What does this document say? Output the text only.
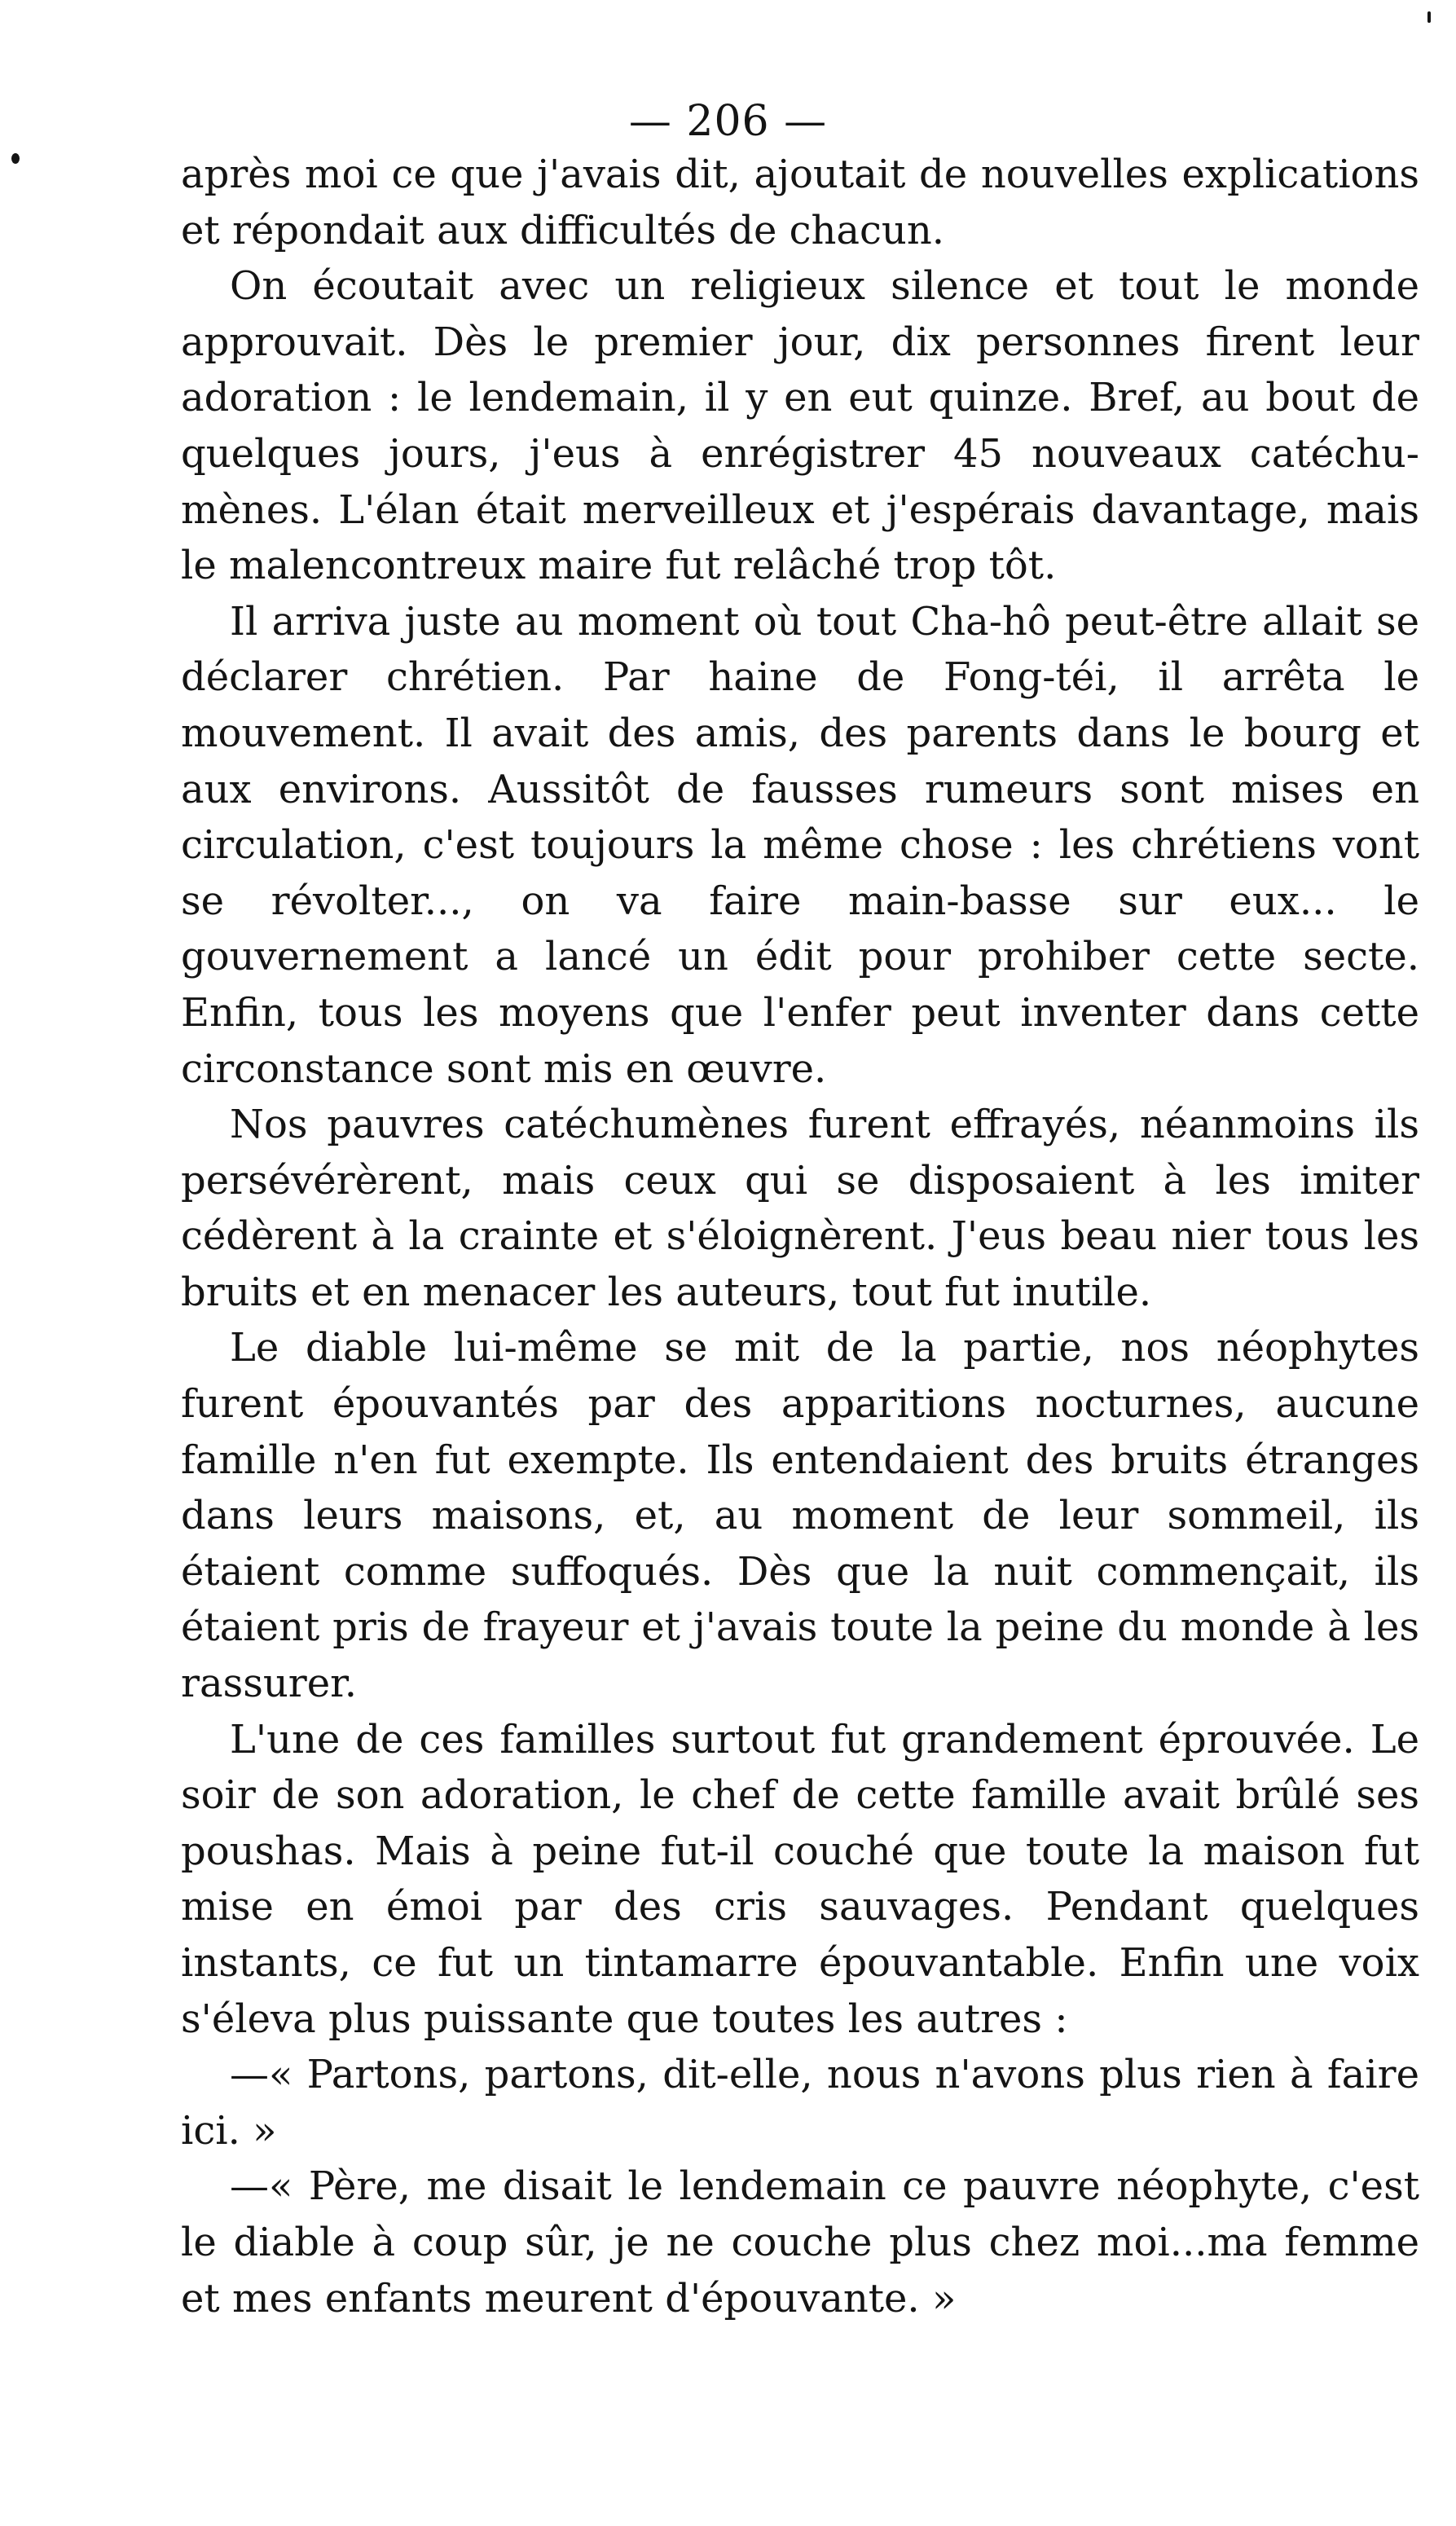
— 206 —

après moi ce que j'avais dit, ajoutait de nouvelles explications et répondait aux difficultés de chacun.

On écoutait avec un religieux silence et tout le monde approuvait. Dès le premier jour, dix personnes firent leur adoration : le lendemain, il y en eut quinze. Bref, au bout de quelques jours, j'eus à enrégistrer 45 nouveaux catéchumènes. L'élan était merveilleux et j'espérais davantage, mais le malencontreux maire fut relâché trop tôt.

Il arriva juste au moment où tout Cha-hô peut-être allait se déclarer chrétien. Par haine de Fong-téi, il arrêta le mouvement. Il avait des amis, des parents dans le bourg et aux environs. Aussitôt de fausses rumeurs sont mises en circulation, c'est toujours la même chose : les chrétiens vont se révolter..., on va faire main-basse sur eux... le gouvernement a lancé un édit pour prohiber cette secte. Enfin, tous les moyens que l'enfer peut inventer dans cette circonstance sont mis en œuvre.

Nos pauvres catéchumènes furent effrayés, néanmoins ils persévérèrent, mais ceux qui se disposaient à les imiter cédèrent à la crainte et s'éloignèrent. J'eus beau nier tous les bruits et en menacer les auteurs, tout fut inutile.

Le diable lui-même se mit de la partie, nos néophytes furent épouvantés par des apparitions nocturnes, aucune famille n'en fut exempte. Ils entendaient des bruits étranges dans leurs maisons, et, au moment de leur sommeil, ils étaient comme suffoqués. Dès que la nuit commençait, ils étaient pris de frayeur et j'avais toute la peine du monde à les rassurer.

L'une de ces familles surtout fut grandement éprouvée. Le soir de son adoration, le chef de cette famille avait brûlé ses poushas. Mais à peine fut-il couché que toute la maison fut mise en émoi par des cris sauvages. Pendant quelques instants, ce fut un tintamarre épouvantable. Enfin une voix s'éleva plus puissante que toutes les autres :

—« Partons, partons, dit-elle, nous n'avons plus rien à faire ici. »

—« Père, me disait le lendemain ce pauvre néophyte, c'est le diable à coup sûr, je ne couche plus chez moi...ma femme et mes enfants meurent d'épouvante. »
